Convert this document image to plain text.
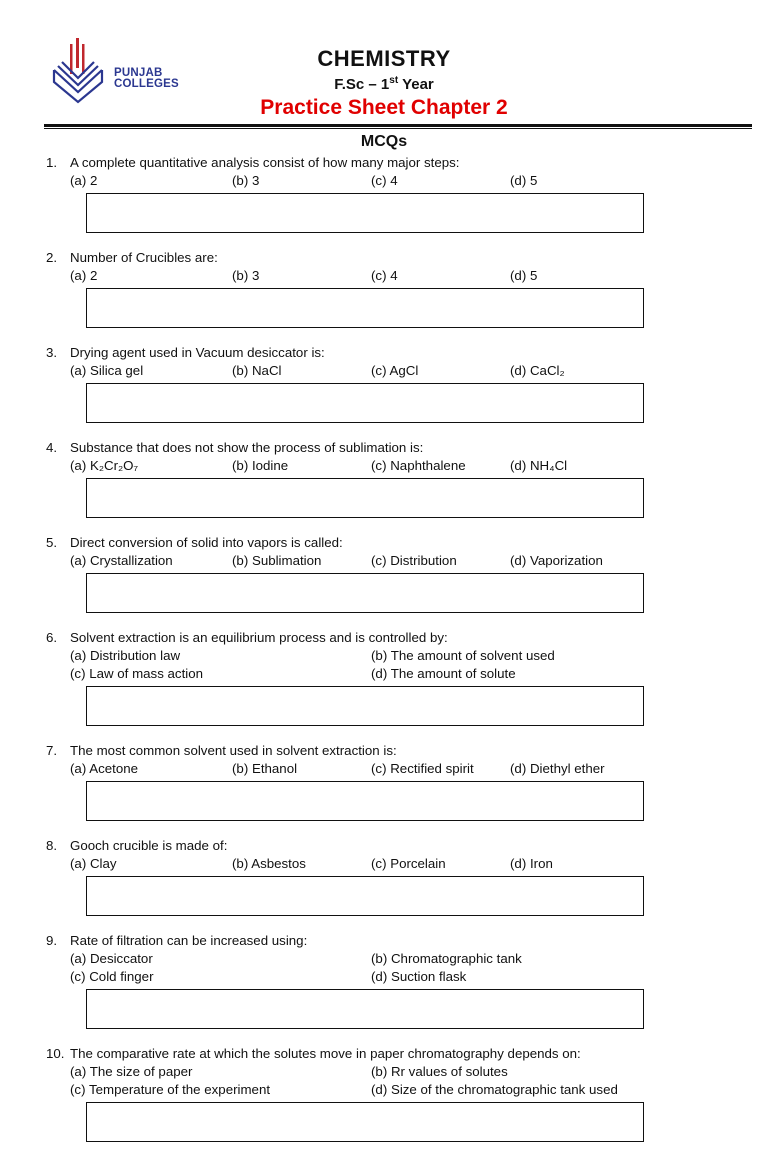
PUNJAB
COLLEGES
CHEMISTRY
F.Sc – 1st Year
Practice Sheet Chapter 2
MCQs
1. A complete quantitative analysis consist of how many major steps:
(a) 2	(b) 3	(c) 4	(d) 5
2. Number of Crucibles are:
(a) 2	(b) 3	(c) 4	(d) 5
3. Drying agent used in Vacuum desiccator is:
(a) Silica gel	(b) NaCl	(c) AgCl	(d) CaCl₂
4. Substance that does not show the process of sublimation is:
(a) K₂Cr₂O₇	(b) Iodine	(c) Naphthalene	(d) NH₄Cl
5. Direct conversion of solid into vapors is called:
(a) Crystallization	(b) Sublimation	(c) Distribution	(d) Vaporization
6. Solvent extraction is an equilibrium process and is controlled by:
(a) Distribution law	(b) The amount of solvent used
(c) Law of mass action	(d) The amount of solute
7. The most common solvent used in solvent extraction is:
(a) Acetone	(b) Ethanol	(c) Rectified spirit	(d) Diethyl ether
8. Gooch crucible is made of:
(a) Clay	(b) Asbestos	(c) Porcelain	(d) Iron
9. Rate of filtration can be increased using:
(a) Desiccator	(b) Chromatographic tank
(c) Cold finger	(d) Suction flask
10. The comparative rate at which the solutes move in paper chromatography depends on:
(a) The size of paper	(b) Rr values of solutes
(c) Temperature of the experiment	(d) Size of the chromatographic tank used
